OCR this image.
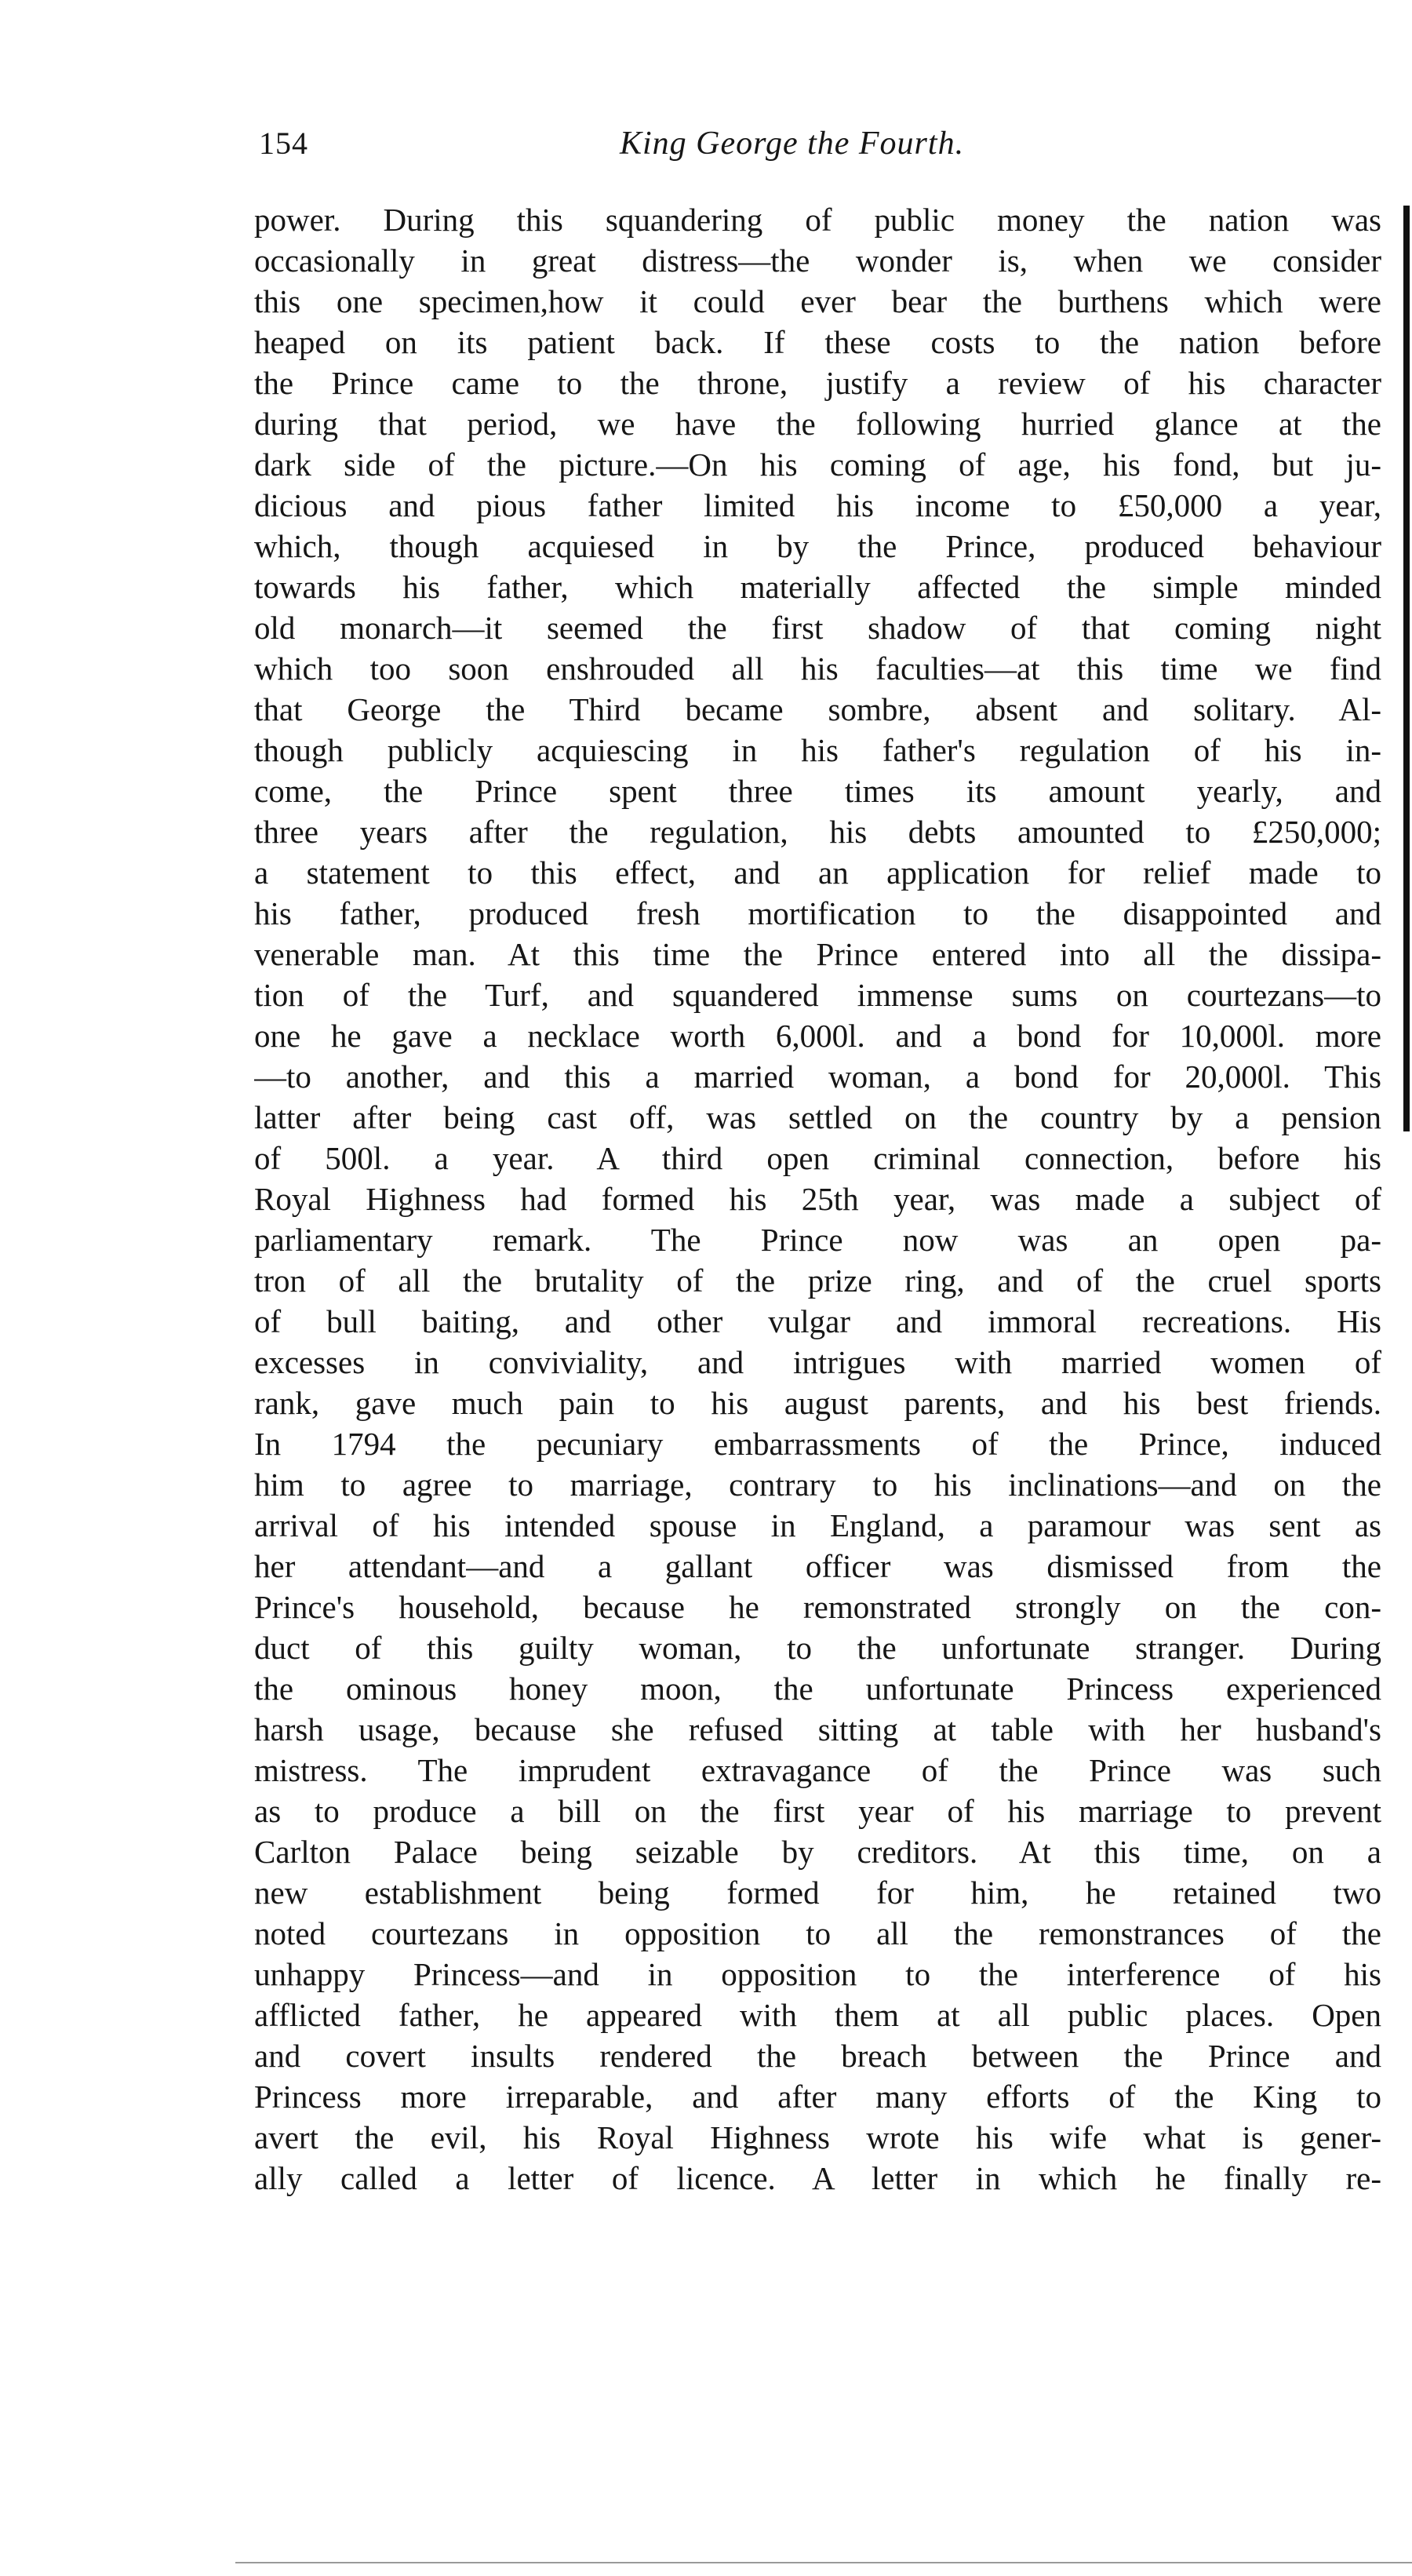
154	King George the Fourth.
power. During this squandering of public money the nation was
occasionally in great distress—the wonder is, when we consider
this one specimen,how it could ever bear the burthens which were
heaped on its patient back. If these costs to the nation before
the Prince came to the throne, justify a review of his character
during that period, we have the following hurried glance at the
dark side of the picture.—On his coming of age, his fond, but ju-
dicious and pious father limited his income to £50,000 a year,
which, though acquiesed in by the Prince, produced behaviour
towards his father, which materially affected the simple minded
old monarch—it seemed the first shadow of that coming night
which too soon enshrouded all his faculties—at this time we find
that George the Third became sombre, absent and solitary. Al-
though publicly acquiescing in his father's regulation of his in-
come, the Prince spent three times its amount yearly, and
three years after the regulation, his debts amounted to £250,000;
a statement to this effect, and an application for relief made to
his father, produced fresh mortification to the disappointed and
venerable man. At this time the Prince entered into all the dissipa-
tion of the Turf, and squandered immense sums on courtezans—to
one he gave a necklace worth 6,000l. and a bond for 10,000l. more
—to another, and this a married woman, a bond for 20,000l. This
latter after being cast off, was settled on the country by a pension
of 500l. a year. A third open criminal connection, before his
Royal Highness had formed his 25th year, was made a subject of
parliamentary remark. The Prince now was an open pa-
tron of all the brutality of the prize ring, and of the cruel sports
of bull baiting, and other vulgar and immoral recreations. His
excesses in conviviality, and intrigues with married women of
rank, gave much pain to his august parents, and his best friends.
In 1794 the pecuniary embarrassments of the Prince, induced
him to agree to marriage, contrary to his inclinations—and on the
arrival of his intended spouse in England, a paramour was sent as
her attendant—and a gallant officer was dismissed from the
Prince's household, because he remonstrated strongly on the con-
duct of this guilty woman, to the unfortunate stranger. During
the ominous honey moon, the unfortunate Princess experienced
harsh usage, because she refused sitting at table with her husband's
mistress. The imprudent extravagance of the Prince was such
as to produce a bill on the first year of his marriage to prevent
Carlton Palace being seizable by creditors. At this time, on a
new establishment being formed for him, he retained two
noted courtezans in opposition to all the remonstrances of the
unhappy Princess—and in opposition to the interference of his
afflicted father, he appeared with them at all public places. Open
and covert insults rendered the breach between the Prince and
Princess more irreparable, and after many efforts of the King to
avert the evil, his Royal Highness wrote his wife what is gener-
ally called a letter of licence. A letter in which he finally re-
